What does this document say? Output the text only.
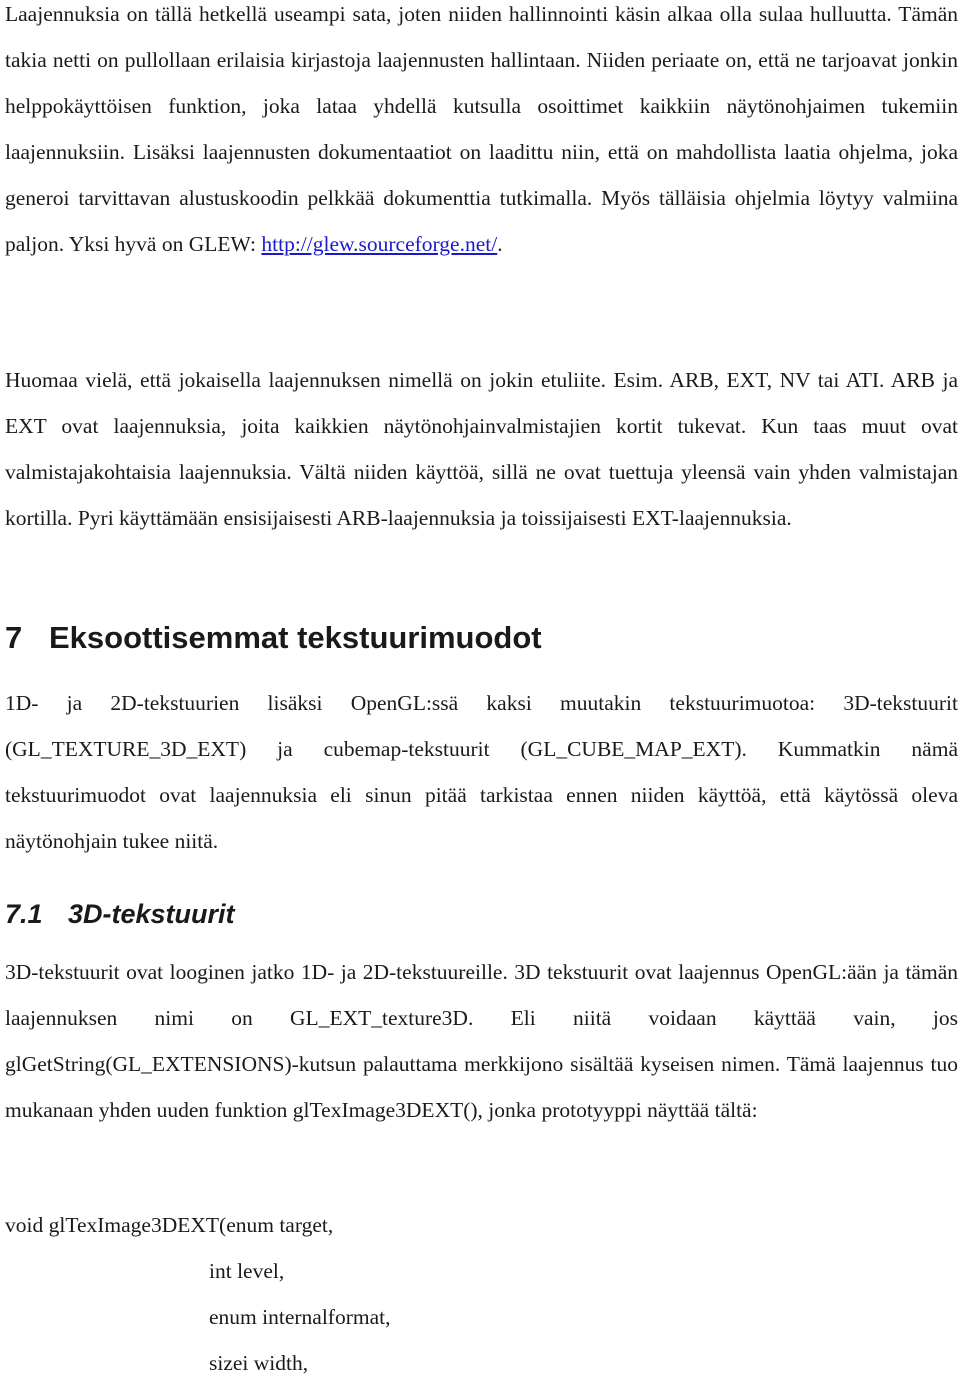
Laajennuksia on tällä hetkellä useampi sata, joten niiden hallinnointi käsin alkaa olla sulaa hulluutta. Tämän takia netti on pullollaan erilaisia kirjastoja laajennusten hallintaan. Niiden periaate on, että ne tarjoavat jonkin helppokäyttöisen funktion, joka lataa yhdellä kutsulla osoittimet kaikkiin näytönohjaimen tukemiin laajennuksiin. Lisäksi laajennusten dokumentaatiot on laadittu niin, että on mahdollista laatia ohjelma, joka generoi tarvittavan alustuskoodin pelkkää dokumenttia tutkimalla. Myös tälläisia ohjelmia löytyy valmiina paljon. Yksi hyvä on GLEW: http://glew.sourceforge.net/.

Huomaa vielä, että jokaisella laajennuksen nimellä on jokin etuliite. Esim. ARB, EXT, NV tai ATI. ARB ja EXT ovat laajennuksia, joita kaikkien näytönohjainvalmistajien kortit tukevat. Kun taas muut ovat valmistajakohtaisia laajennuksia. Vältä niiden käyttöä, sillä ne ovat tuettuja yleensä vain yhden valmistajan kortilla. Pyri käyttämään ensisijaisesti ARB-laajennuksia ja toissijaisesti EXT-laajennuksia.

7 Eksoottisemmat tekstuurimuodot

1D- ja 2D-tekstuurien lisäksi OpenGL:ssä kaksi muutakin tekstuurimuotoa: 3D-tekstuurit (GL_TEXTURE_3D_EXT) ja cubemap-tekstuurit (GL_CUBE_MAP_EXT). Kummatkin nämä tekstuurimuodot ovat laajennuksia eli sinun pitää tarkistaa ennen niiden käyttöä, että käytössä oleva näytönohjain tukee niitä.

7.1 3D-tekstuurit

3D-tekstuurit ovat looginen jatko 1D- ja 2D-tekstuureille. 3D tekstuurit ovat laajennus OpenGL:ään ja tämän laajennuksen nimi on GL_EXT_texture3D. Eli niitä voidaan käyttää vain, jos glGetString(GL_EXTENSIONS)-kutsun palauttama merkkijono sisältää kyseisen nimen. Tämä laajennus tuo mukanaan yhden uuden funktion glTexImage3DEXT(), jonka prototyyppi näyttää tältä:

void glTexImage3DEXT(enum target,
int level,
enum internalformat,
sizei width,
